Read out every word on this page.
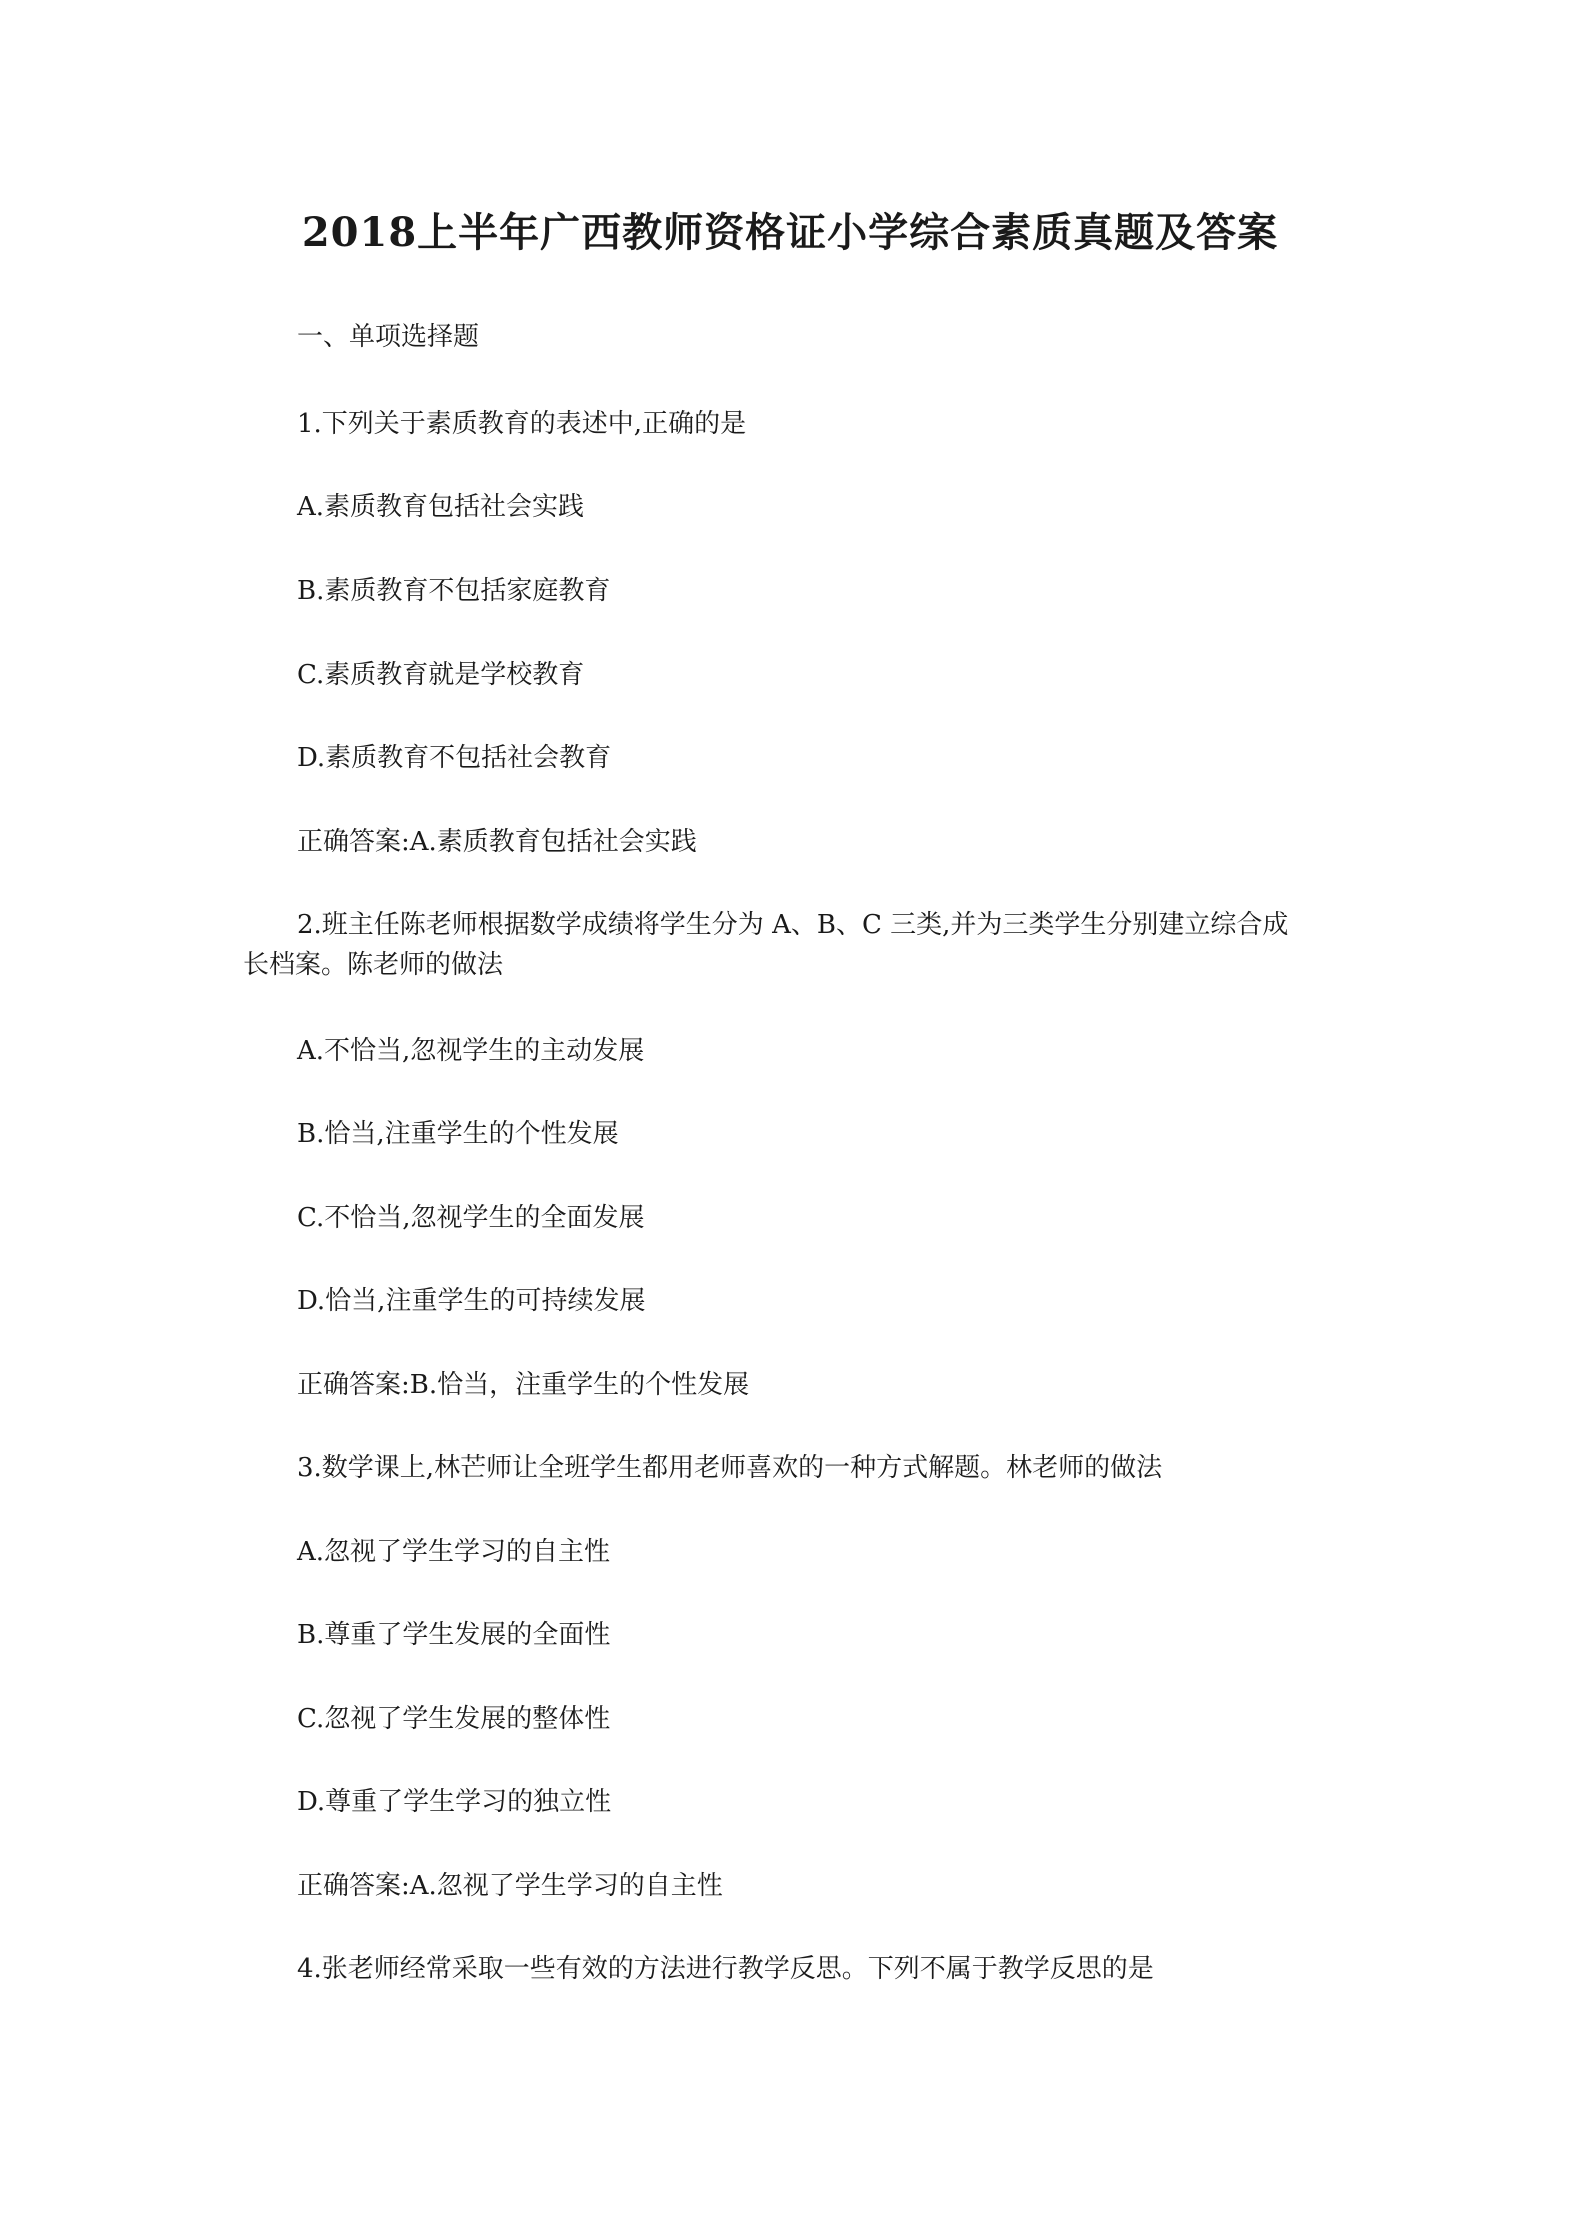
2018上半年广西教师资格证小学综合素质真题及答案
一、单项选择题
1.下列关于素质教育的表述中,正确的是
A.素质教育包括社会实践
B.素质教育不包括家庭教育
C.素质教育就是学校教育
D.素质教育不包括社会教育
正确答案:A.素质教育包括社会实践
2.班主任陈老师根据数学成绩将学生分为 A、B、C 三类,并为三类学生分别建立综合成
长档案。陈老师的做法
A.不恰当,忽视学生的主动发展
B.恰当,注重学生的个性发展
C.不恰当,忽视学生的全面发展
D.恰当,注重学生的可持续发展
正确答案:B.恰当，注重学生的个性发展
3.数学课上,林芒师让全班学生都用老师喜欢的一种方式解题。林老师的做法
A.忽视了学生学习的自主性
B.尊重了学生发展的全面性
C.忽视了学生发展的整体性
D.尊重了学生学习的独立性
正确答案:A.忽视了学生学习的自主性
4.张老师经常采取一些有效的方法进行教学反思。下列不属于教学反思的是
